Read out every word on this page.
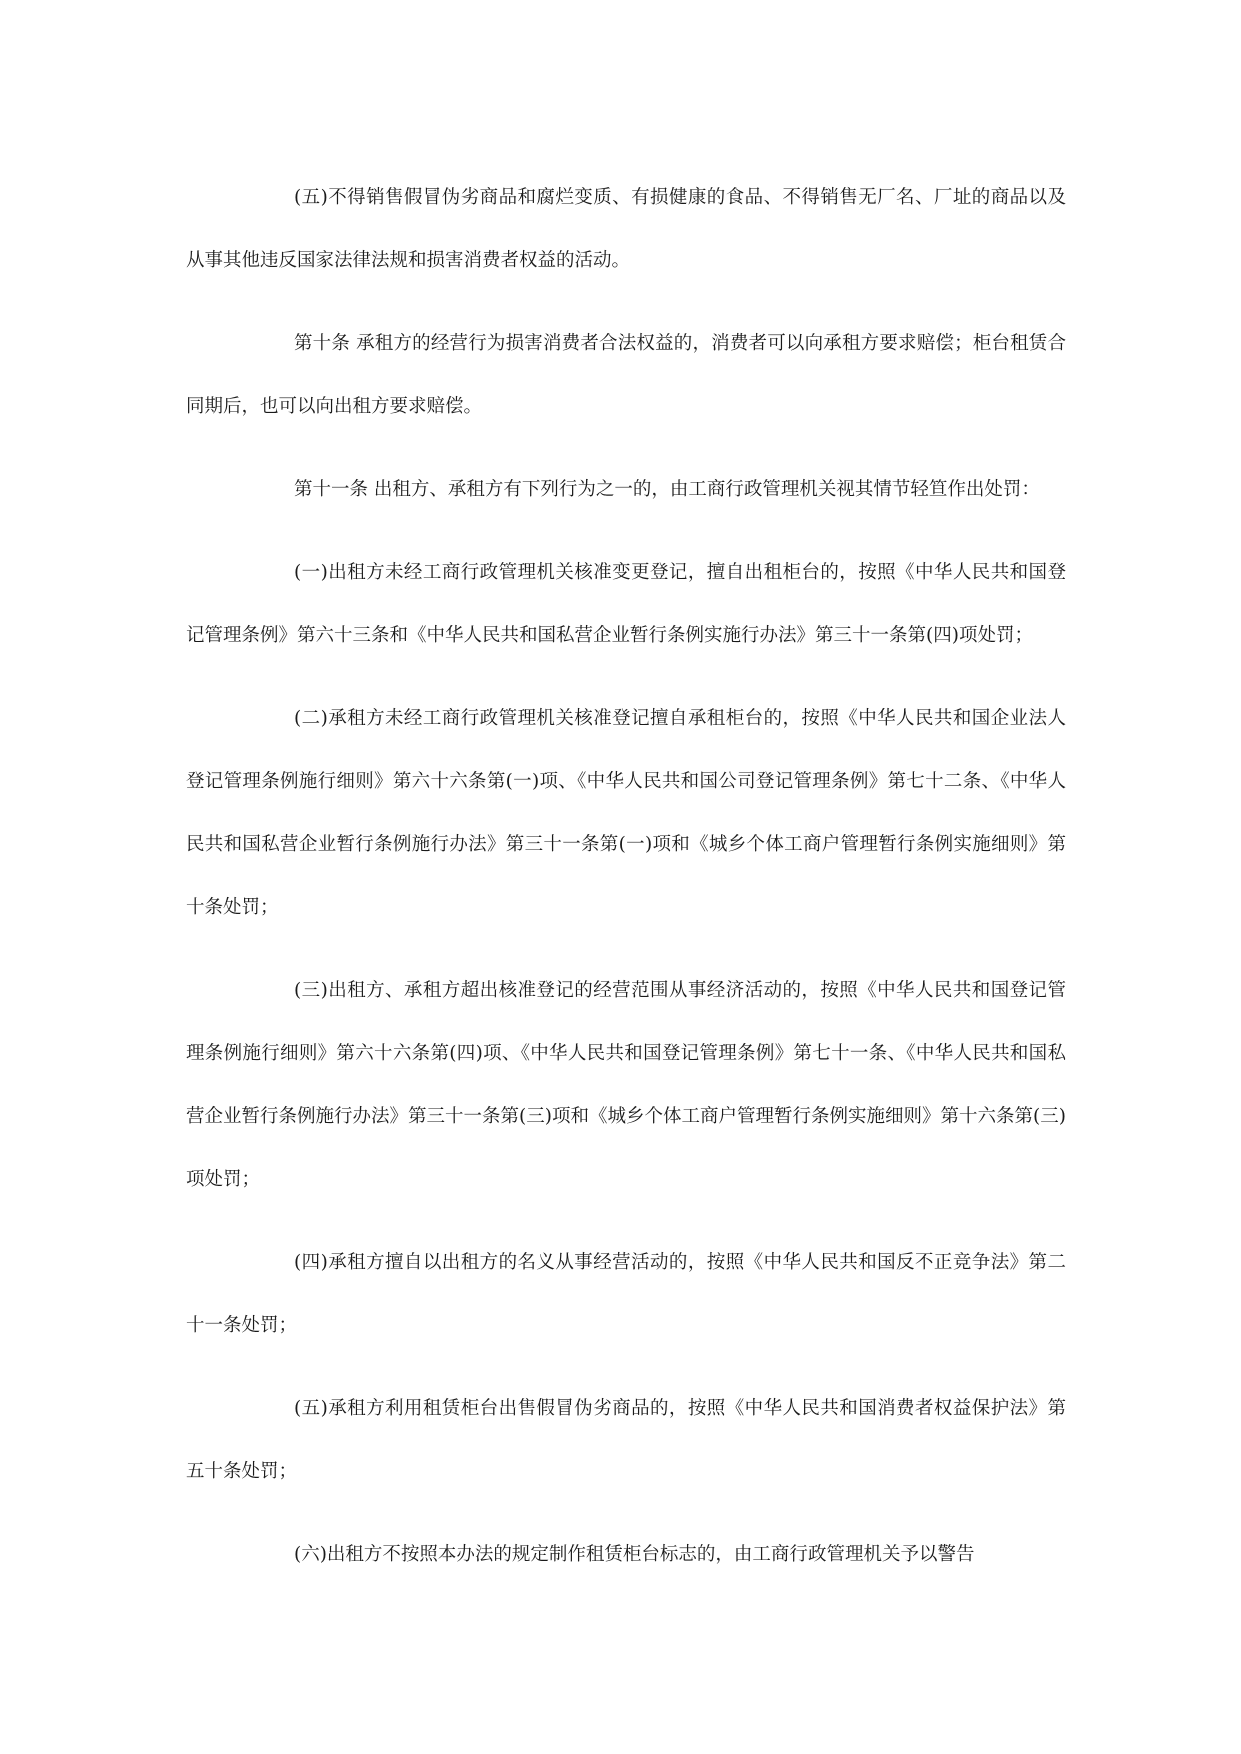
(五)不得销售假冒伪劣商品和腐烂变质、有损健康的食品、不得销售无厂名、厂址的商品以及从事其他违反国家法律法规和损害消费者权益的活动。

第十条 承租方的经营行为损害消费者合法权益的，消费者可以向承租方要求赔偿；柜台租赁合同期后，也可以向出租方要求赔偿。

第十一条 出租方、承租方有下列行为之一的，由工商行政管理机关视其情节轻笪作出处罚：

(一)出租方未经工商行政管理机关核准变更登记，擅自出租柜台的，按照《中华人民共和国登记管理条例》第六十三条和《中华人民共和国私营企业暂行条例实施行办法》第三十一条第(四)项处罚；

(二)承租方未经工商行政管理机关核准登记擅自承租柜台的，按照《中华人民共和国企业法人登记管理条例施行细则》第六十六条第(一)项、《中华人民共和国公司登记管理条例》第七十二条、《中华人民共和国私营企业暂行条例施行办法》第三十一条第(一)项和《城乡个体工商户管理暂行条例实施细则》第十条处罚；

(三)出租方、承租方超出核准登记的经营范围从事经济活动的，按照《中华人民共和国登记管理条例施行细则》第六十六条第(四)项、《中华人民共和国登记管理条例》第七十一条、《中华人民共和国私营企业暂行条例施行办法》第三十一条第(三)项和《城乡个体工商户管理暂行条例实施细则》第十六条第(三)项处罚；

(四)承租方擅自以出租方的名义从事经营活动的，按照《中华人民共和国反不正竞争法》第二十一条处罚；

(五)承租方利用租赁柜台出售假冒伪劣商品的，按照《中华人民共和国消费者权益保护法》第五十条处罚；

(六)出租方不按照本办法的规定制作租赁柜台标志的，由工商行政管理机关予以警告
